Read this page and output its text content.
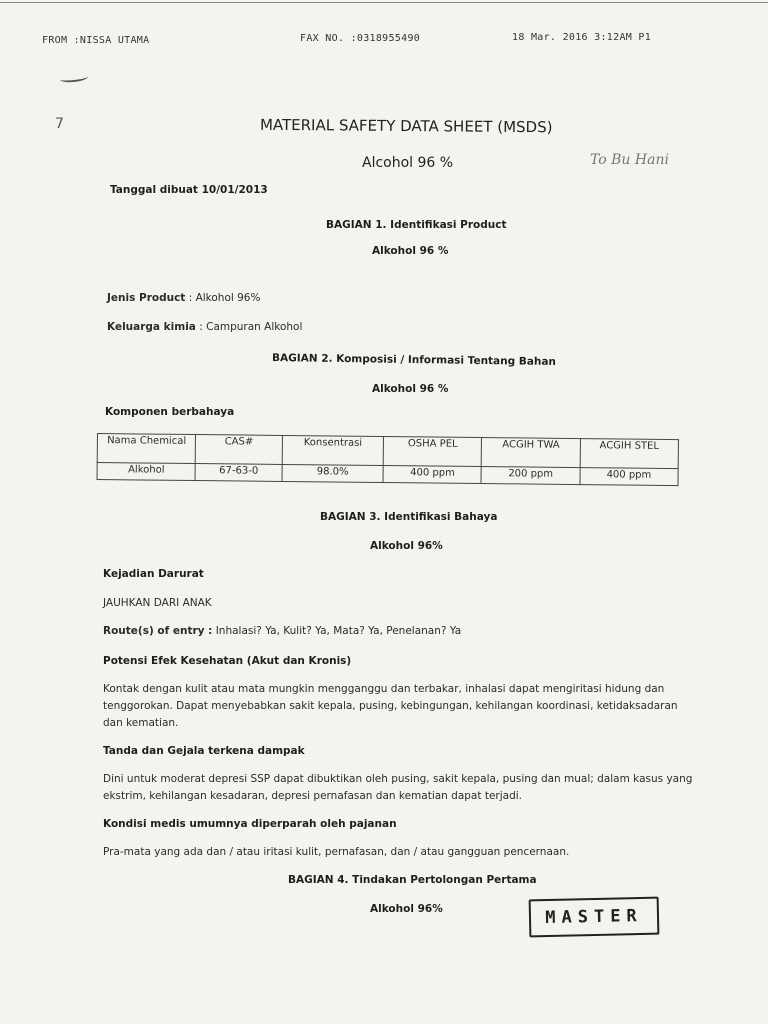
FROM :NISSA UTAMA	FAX NO. :0318955490	18 Mar. 2016 3:12AM P1
7	MATERIAL SAFETY DATA SHEET (MSDS)
Alcohol 96 %	To Bu Hani
Tanggal dibuat 10/01/2013
BAGIAN 1. Identifikasi Product
Alkohol 96 %
Jenis Product : Alkohol 96%
Keluarga kimia : Campuran Alkohol
BAGIAN 2. Komposisi / Informasi Tentang Bahan
Alkohol 96 %
Komponen berbahaya
Nama Chemical	CAS#	Konsentrasi	OSHA PEL	ACGIH TWA	ACGIH STEL
Alkohol	67-63-0	98.0%	400 ppm	200 ppm	400 ppm
BAGIAN 3. Identifikasi Bahaya
Alkohol 96%
Kejadian Darurat
JAUHKAN DARI ANAK
Route(s) of entry : Inhalasi? Ya, Kulit? Ya, Mata? Ya, Penelanan? Ya
Potensi Efek Kesehatan (Akut dan Kronis)
Kontak dengan kulit atau mata mungkin mengganggu dan terbakar, inhalasi dapat mengiritasi hidung dan tenggorokan. Dapat menyebabkan sakit kepala, pusing, kebingungan, kehilangan koordinasi, ketidaksadaran dan kematian.
Tanda dan Gejala terkena dampak
Dini untuk moderat depresi SSP dapat dibuktikan oleh pusing, sakit kepala, pusing dan mual; dalam kasus yang ekstrim, kehilangan kesadaran, depresi pernafasan dan kematian dapat terjadi.
Kondisi medis umumnya diperparah oleh pajanan
Pra-mata yang ada dan / atau iritasi kulit, pernafasan, dan / atau gangguan pencernaan.
BAGIAN 4. Tindakan Pertolongan Pertama
Alkohol 96%	MASTER
